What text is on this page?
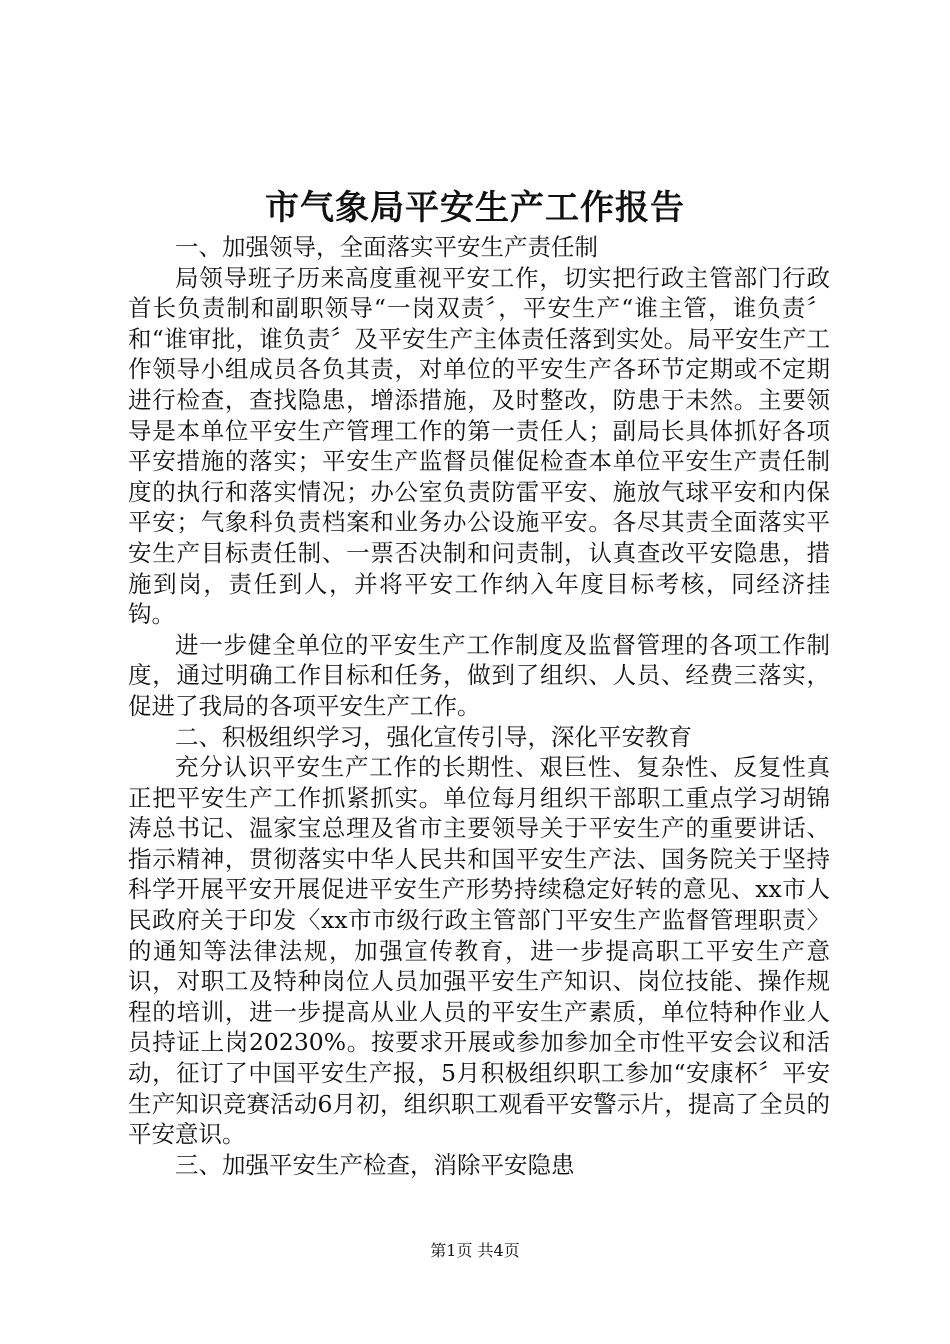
市气象局平安生产工作报告

一、加强领导，全面落实平安生产责任制

局领导班子历来高度重视平安工作，切实把行政主管部门行政首长负责制和副职领导“一岗双责〞，平安生产“谁主管，谁负责〞和“谁审批，谁负责〞及平安生产主体责任落到实处。局平安生产工作领导小组成员各负其责，对单位的平安生产各环节定期或不定期进行检查，查找隐患，增添措施，及时整改，防患于未然。主要领导是本单位平安生产管理工作的第一责任人；副局长具体抓好各项平安措施的落实；平安生产监督员催促检查本单位平安生产责任制度的执行和落实情况；办公室负责防雷平安、施放气球平安和内保平安；气象科负责档案和业务办公设施平安。各尽其责全面落实平安生产目标责任制、一票否决制和问责制，认真查改平安隐患，措施到岗，责任到人，并将平安工作纳入年度目标考核，同经济挂钩。

进一步健全单位的平安生产工作制度及监督管理的各项工作制度，通过明确工作目标和任务，做到了组织、人员、经费三落实，促进了我局的各项平安生产工作。

二、积极组织学习，强化宣传引导，深化平安教育

充分认识平安生产工作的长期性、艰巨性、复杂性、反复性真正把平安生产工作抓紧抓实。单位每月组织干部职工重点学习胡锦涛总书记、温家宝总理及省市主要领导关于平安生产的重要讲话、指示精神，贯彻落实中华人民共和国平安生产法、国务院关于坚持科学开展平安开展促进平安生产形势持续稳定好转的意见、xx市人民政府关于印发〈xx市市级行政主管部门平安生产监督管理职责〉的通知等法律法规，加强宣传教育，进一步提高职工平安生产意识，对职工及特种岗位人员加强平安生产知识、岗位技能、操作规程的培训，进一步提高从业人员的平安生产素质，单位特种作业人员持证上岗20230%。按要求开展或参加参加全市性平安会议和活动，征订了中国平安生产报，5月积极组织职工参加“安康杯〞平安生产知识竞赛活动6月初，组织职工观看平安警示片，提高了全员的平安意识。

三、加强平安生产检查，消除平安隐患

第1页 共4页
